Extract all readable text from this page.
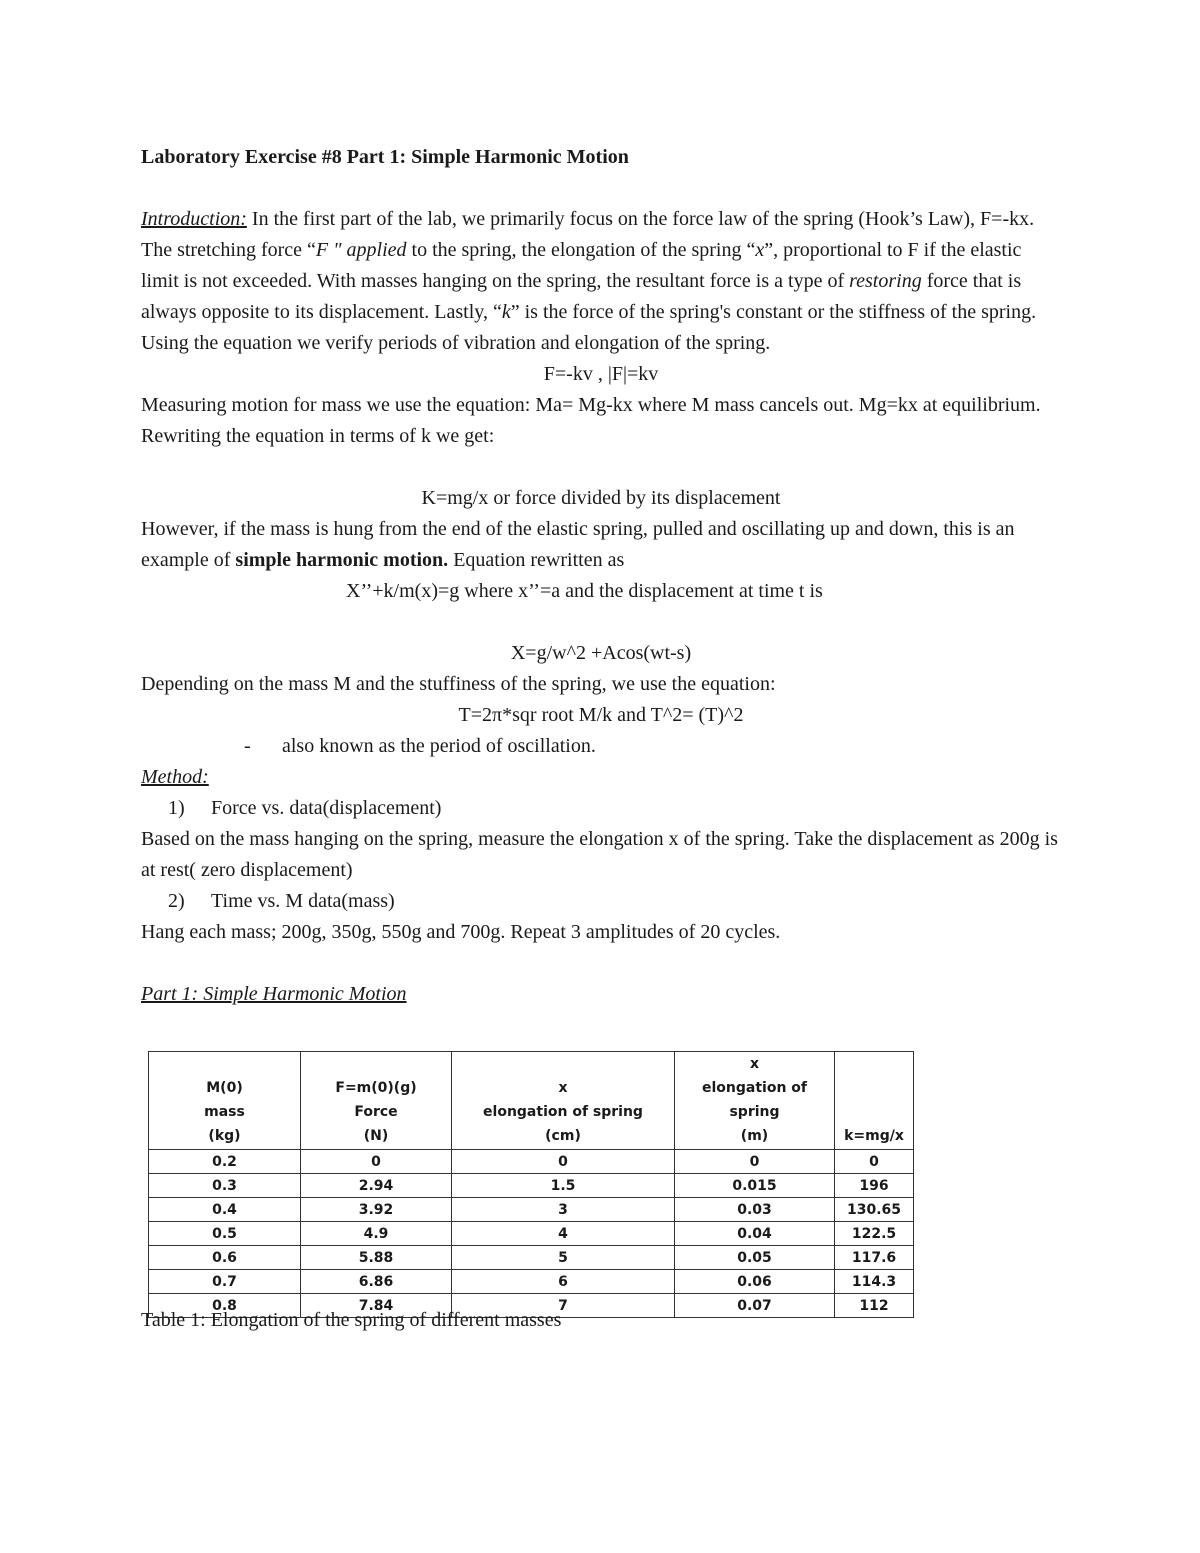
Laboratory Exercise #8 Part 1: Simple Harmonic Motion

Introduction: In the first part of the lab, we primarily focus on the force law of the spring (Hook’s Law), F=-kx. The stretching force “F " applied to the spring, the elongation of the spring “x”, proportional to F if the elastic limit is not exceeded. With masses hanging on the spring, the resultant force is a type of restoring force that is always opposite to its displacement. Lastly, “k” is the force of the spring's constant or the stiffness of the spring. Using the equation we verify periods of vibration and elongation of the spring.

F=-kv , |F|=kv

Measuring motion for mass we use the equation: Ma= Mg-kx where M mass cancels out. Mg=kx at equilibrium. Rewriting the equation in terms of k we get:

K=mg/x or force divided by its displacement

However, if the mass is hung from the end of the elastic spring, pulled and oscillating up and down, this is an example of simple harmonic motion. Equation rewritten as

X’’+k/m(x)=g where x’’=a and the displacement at time t is

X=g/w^2 +Acos(wt-s)

Depending on the mass M and the stuffiness of the spring, we use the equation:

T=2π*sqr root M/k and T^2= (T)^2

-	also known as the period of oscillation.

Method:

1)	Force vs. data(displacement)

Based on the mass hanging on the spring, measure the elongation x of the spring. Take the displacement as 200g is at rest( zero displacement)

2)	Time vs. M data(mass)

Hang each mass; 200g, 350g, 550g and 700g. Repeat 3 amplitudes of 20 cycles.

Part 1: Simple Harmonic Motion

M(0)
mass
(kg)	F=m(0)(g)
Force
(N)	x
elongation of spring
(cm)	x
elongation of spring
(m)	k=mg/x
0.2	0	0	0	0
0.3	2.94	1.5	0.015	196
0.4	3.92	3	0.03	130.65
0.5	4.9	4	0.04	122.5
0.6	5.88	5	0.05	117.6
0.7	6.86	6	0.06	114.3
0.8	7.84	7	0.07	112

Table 1: Elongation of the spring of different masses
